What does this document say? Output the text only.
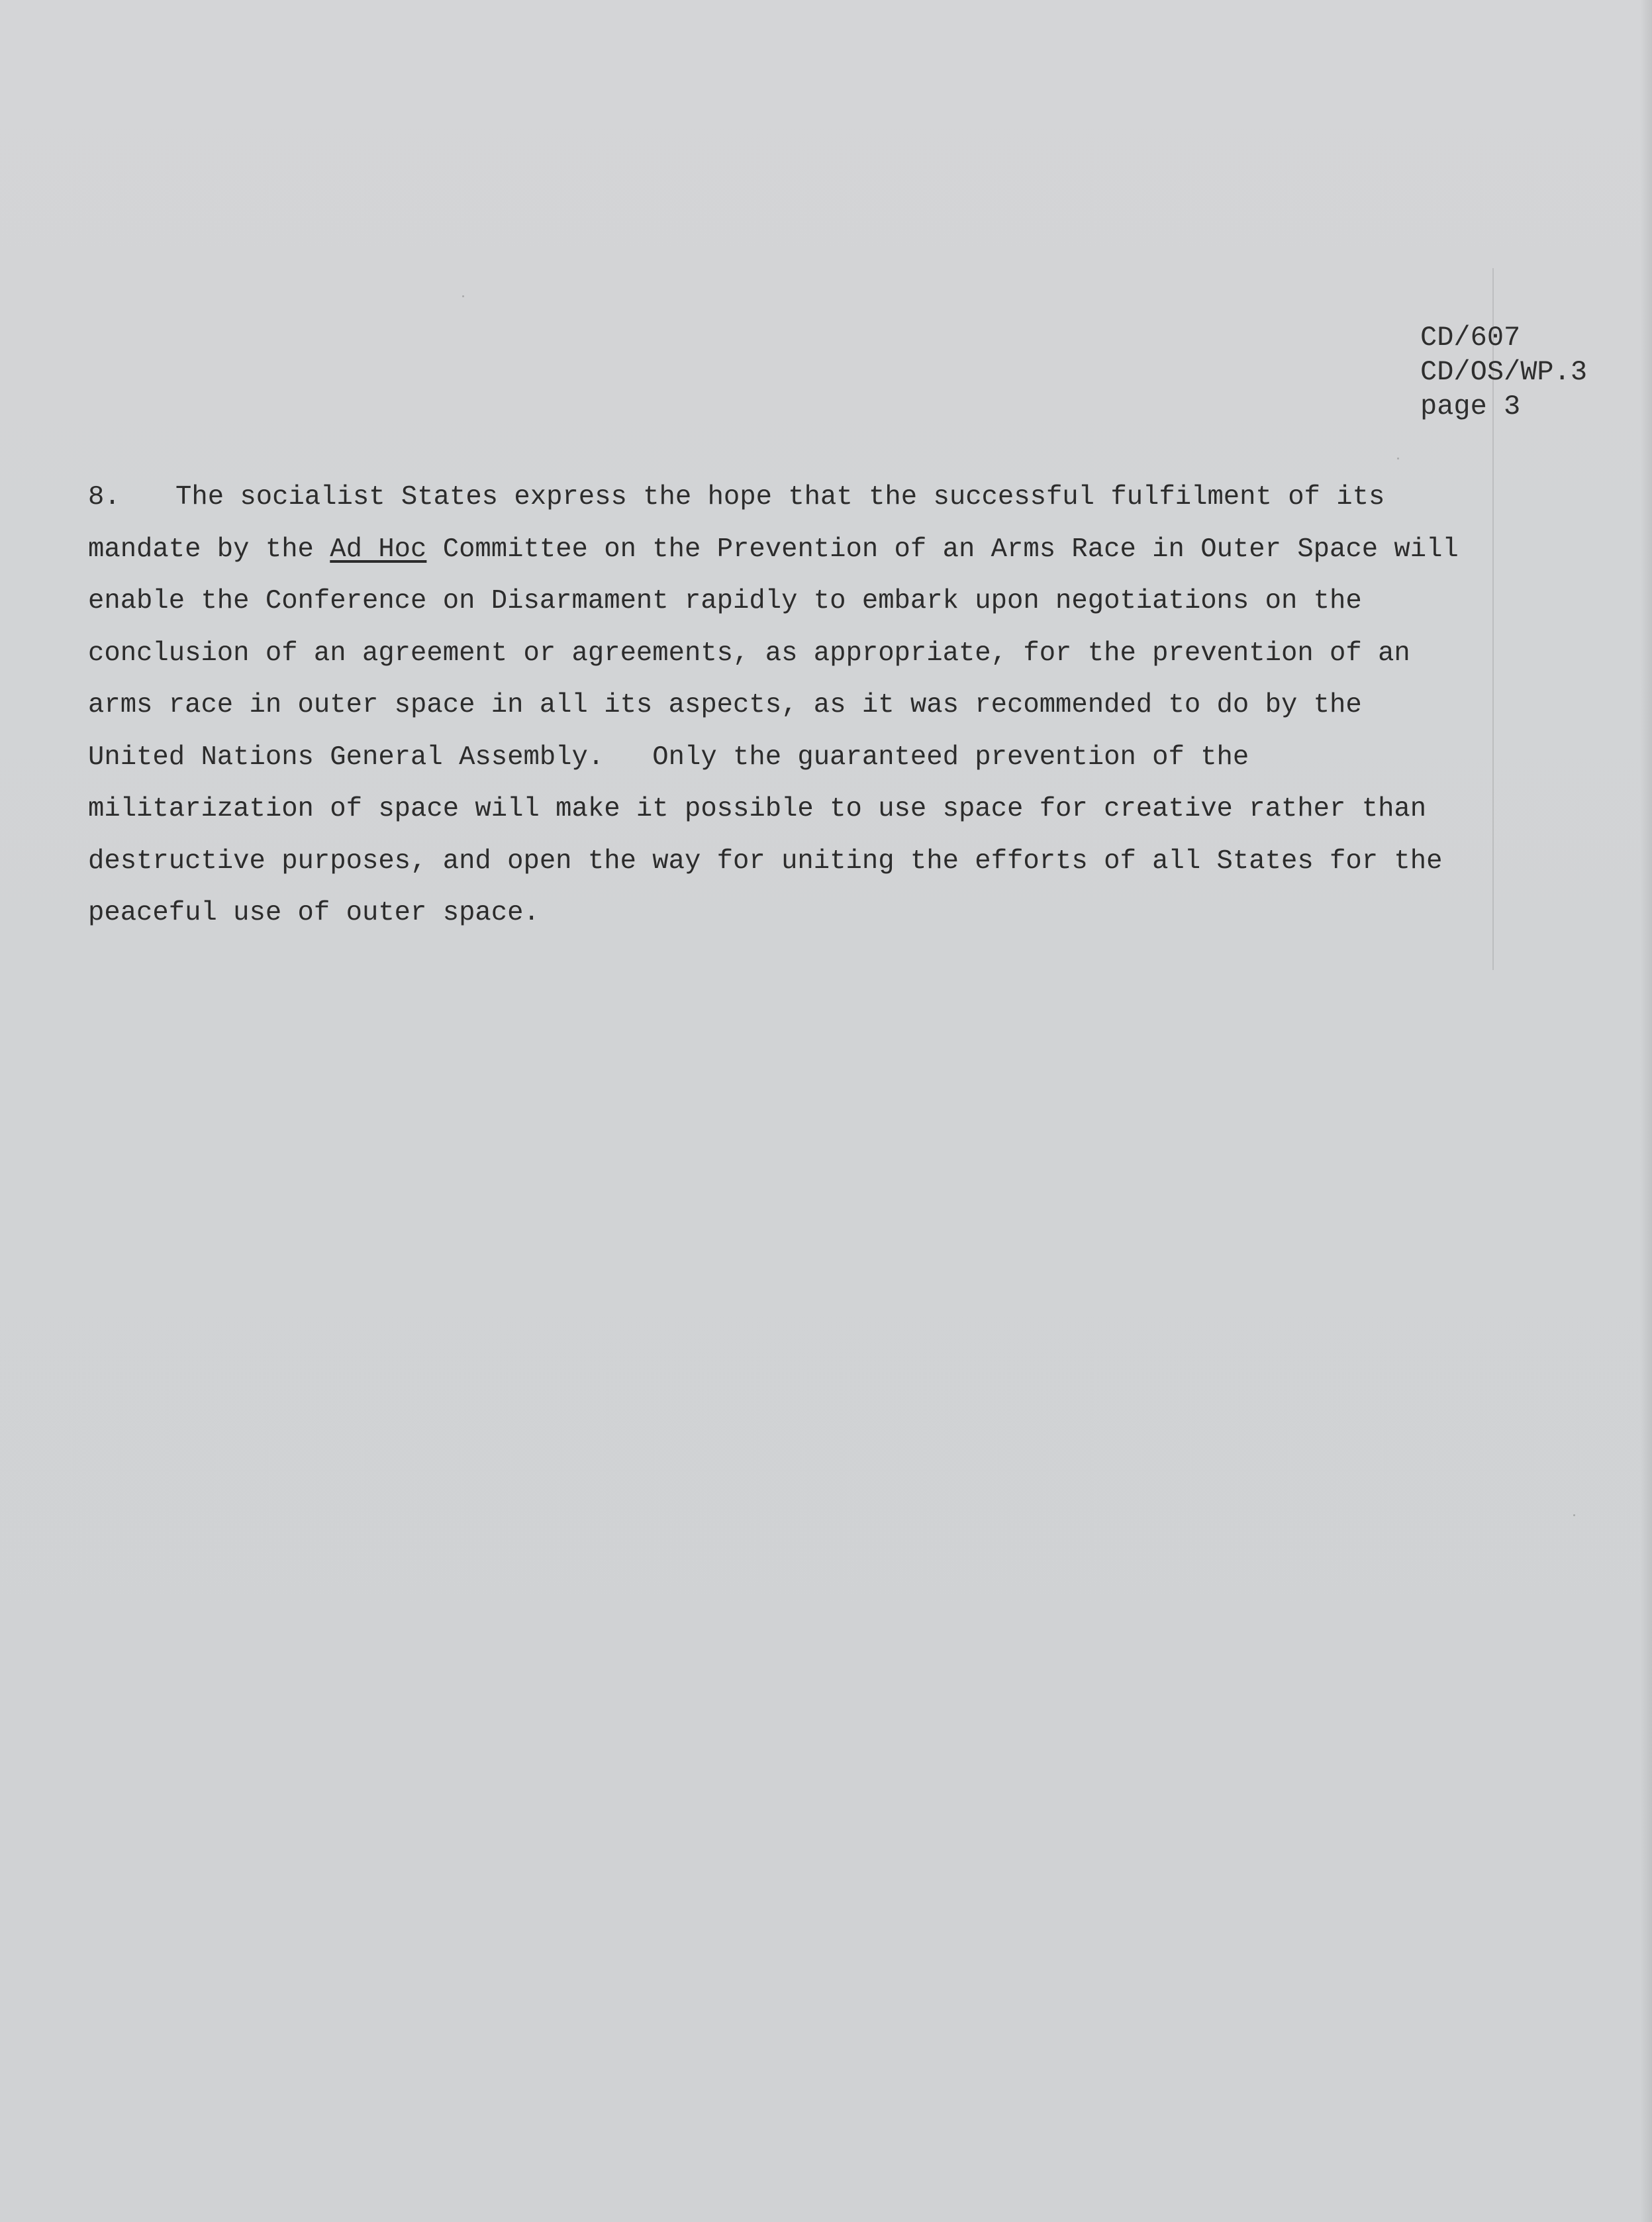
CD/607
CD/OS/WP.3
page 3
8. The socialist States express the hope that the successful fulfilment of its
mandate by the Ad Hoc Committee on the Prevention of an Arms Race in Outer Space will
enable the Conference on Disarmament rapidly to embark upon negotiations on the
conclusion of an agreement or agreements, as appropriate, for the prevention of an
arms race in outer space in all its aspects, as it was recommended to do by the
United Nations General Assembly.   Only the guaranteed prevention of the
militarization of space will make it possible to use space for creative rather than
destructive purposes, and open the way for uniting the efforts of all States for the
peaceful use of outer space.
